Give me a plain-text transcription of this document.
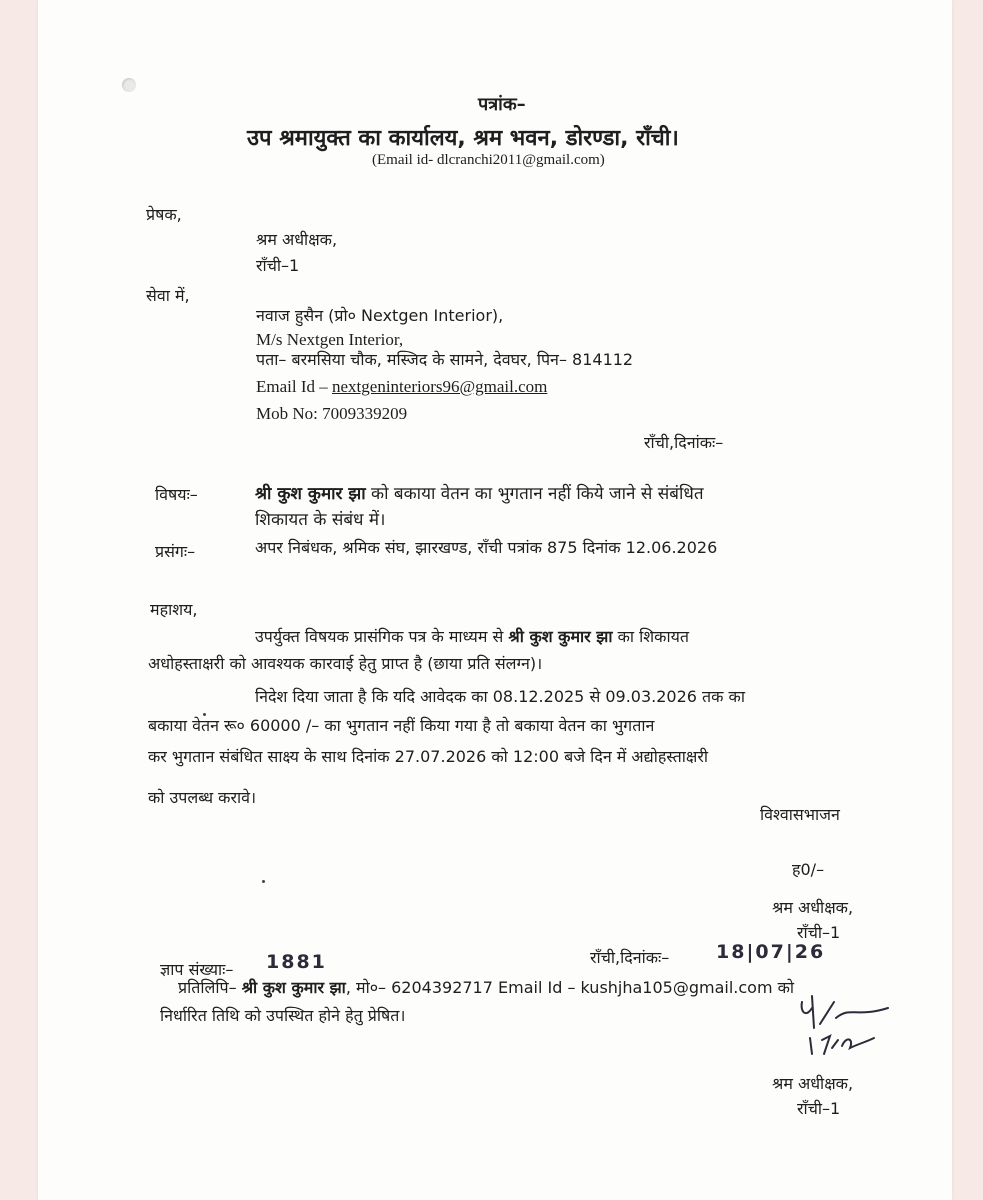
पत्रांक–
उप श्रमायुक्त का कार्यालय, श्रम भवन, डोरण्डा, राँची।
(Email id- dlcranchi2011@gmail.com)
प्रेषक,
श्रम अधीक्षक,
राँची–1
सेवा में,
नवाज हुसैन (प्रो० Nextgen Interior),
M/s Nextgen Interior,
पता– बरमसिया चौक, मस्जिद के सामने, देवघर, पिन– 814112
Email Id – nextgeninteriors96@gmail.com
Mob No: 7009339209
राँची,दिनांकः–
विषयः–	श्री कुश कुमार झा को बकाया वेतन का भुगतान नहीं किये जाने से संबंधित
शिकायत के संबंध में।
प्रसंगः–	अपर निबंधक, श्रमिक संघ, झारखण्ड, राँची पत्रांक 875 दिनांक 12.06.2026
महाशय,
उपर्युक्त विषयक प्रासंगिक पत्र के माध्यम से श्री कुश कुमार झा का शिकायत
अधोहस्ताक्षरी को आवश्यक कारवाई हेतु प्राप्त है (छाया प्रति संलग्न)।
निदेश दिया जाता है कि यदि आवेदक का 08.12.2025 से 09.03.2026 तक का
बकाया वेतन रू० 60000 /– का भुगतान नहीं किया गया है तो बकाया वेतन का भुगतान
कर भुगतान संबंधित साक्ष्य के साथ दिनांक 27.07.2026 को 12:00 बजे दिन में अद्योहस्ताक्षरी
को उपलब्ध करावे।
विश्वासभाजन
ह0/–
श्रम अधीक्षक,
राँची–1
ज्ञाप संख्याः– 1881	राँची,दिनांकः– 18|07|26
प्रतिलिपि– श्री कुश कुमार झा, मो०– 6204392717 Email Id – kushjha105@gmail.com को
निर्धारित तिथि को उपस्थित होने हेतु प्रेषित।
श्रम अधीक्षक,
राँची–1
